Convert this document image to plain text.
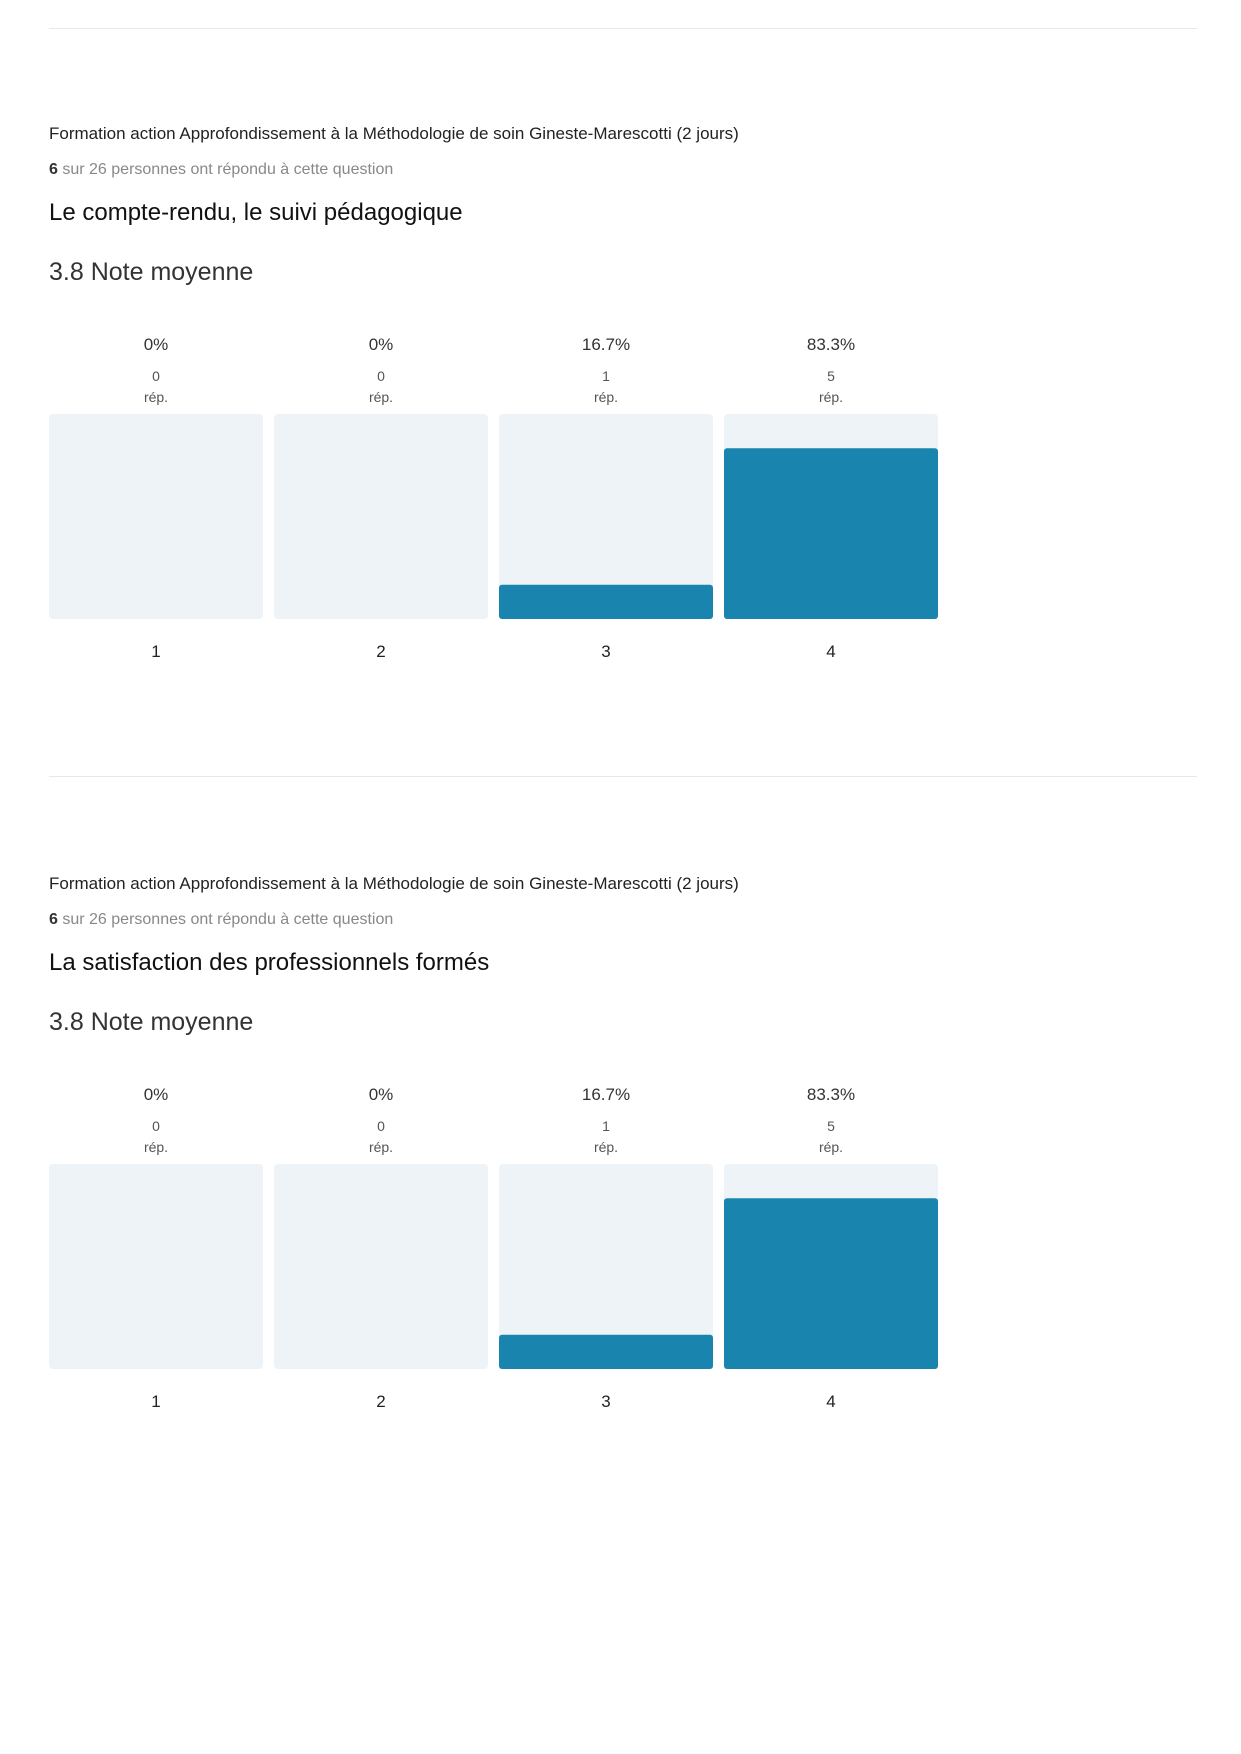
Formation action Approfondissement à la Méthodologie de soin Gineste-Marescotti (2 jours)
6 sur 26 personnes ont répondu à cette question
Le compte-rendu, le suivi pédagogique
3.8 Note moyenne
0%
0
rép.
1
0%
0
rép.
2
16.7%
1
rép.
3
83.3%
5
rép.
4
Formation action Approfondissement à la Méthodologie de soin Gineste-Marescotti (2 jours)
6 sur 26 personnes ont répondu à cette question
La satisfaction des professionnels formés
3.8 Note moyenne
0%
0
rép.
1
0%
0
rép.
2
16.7%
1
rép.
3
83.3%
5
rép.
4
